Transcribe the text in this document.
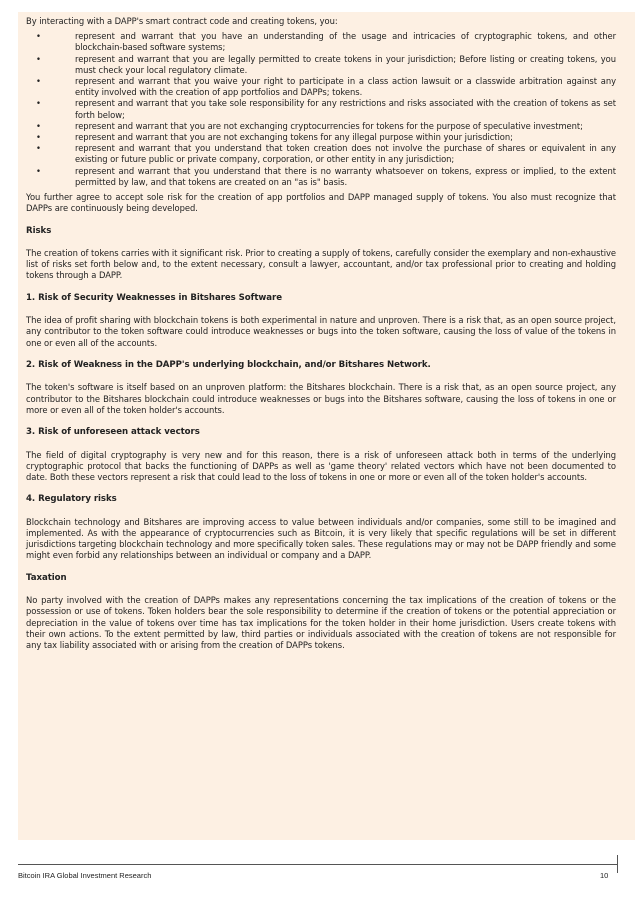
By interacting with a DAPP's smart contract code and creating tokens, you:

•	represent and warrant that you have an understanding of the usage and intricacies of cryptographic tokens, and other blockchain-based software systems;
•	represent and warrant that you are legally permitted to create tokens in your jurisdiction; Before listing or creating tokens, you must check your local regulatory climate.
•	represent and warrant that you waive your right to participate in a class action lawsuit or a classwide arbitration against any entity involved with the creation of app portfolios and DAPPs; tokens.
•	represent and warrant that you take sole responsibility for any restrictions and risks associated with the creation of tokens as set forth below;
•	represent and warrant that you are not exchanging cryptocurrencies for tokens for the purpose of speculative investment;
•	represent and warrant that you are not exchanging tokens for any illegal purpose within your jurisdiction;
•	represent and warrant that you understand that token creation does not involve the purchase of shares or equivalent in any existing or future public or private company, corporation, or other entity in any jurisdiction;
•	represent and warrant that you understand that there is no warranty whatsoever on tokens, express or implied, to the extent permitted by law, and that tokens are created on an "as is" basis.

You further agree to accept sole risk for the creation of app portfolios and DAPP managed supply of tokens. You also must recognize that DAPPs are continuously being developed.

Risks

The creation of tokens carries with it significant risk. Prior to creating a supply of tokens, carefully consider the exemplary and non-exhaustive list of risks set forth below and, to the extent necessary, consult a lawyer, accountant, and/or tax professional prior to creating and holding tokens through a DAPP.

1. Risk of Security Weaknesses in Bitshares Software

The idea of profit sharing with blockchain tokens is both experimental in nature and unproven. There is a risk that, as an open source project, any contributor to the token software could introduce weaknesses or bugs into the token software, causing the loss of value of the tokens in one or even all of the accounts.

2. Risk of Weakness in the DAPP's underlying blockchain, and/or Bitshares Network.

The token's software is itself based on an unproven platform: the Bitshares blockchain. There is a risk that, as an open source project, any contributor to the Bitshares blockchain could introduce weaknesses or bugs into the Bitshares software, causing the loss of tokens in one or more or even all of the token holder's accounts.

3. Risk of unforeseen attack vectors

The field of digital cryptography is very new and for this reason, there is a risk of unforeseen attack both in terms of the underlying cryptographic protocol that backs the functioning of DAPPs as well as 'game theory' related vectors which have not been documented to date. Both these vectors represent a risk that could lead to the loss of tokens in one or more or even all of the token holder's accounts.

4. Regulatory risks

Blockchain technology and Bitshares are improving access to value between individuals and/or companies, some still to be imagined and implemented. As with the appearance of cryptocurrencies such as Bitcoin, it is very likely that specific regulations will be set in different jurisdictions targeting blockchain technology and more specifically token sales. These regulations may or may not be DAPP friendly and some might even forbid any relationships between an individual or company and a DAPP.

Taxation

No party involved with the creation of DAPPs makes any representations concerning the tax implications of the creation of tokens or the possession or use of tokens. Token holders bear the sole responsibility to determine if the creation of tokens or the potential appreciation or depreciation in the value of tokens over time has tax implications for the token holder in their home jurisdiction. Users create tokens with their own actions. To the extent permitted by law, third parties or individuals associated with the creation of tokens are not responsible for any tax liability associated with or arising from the creation of DAPPs tokens.

Bitcoin IRA Global Investment Research	10
